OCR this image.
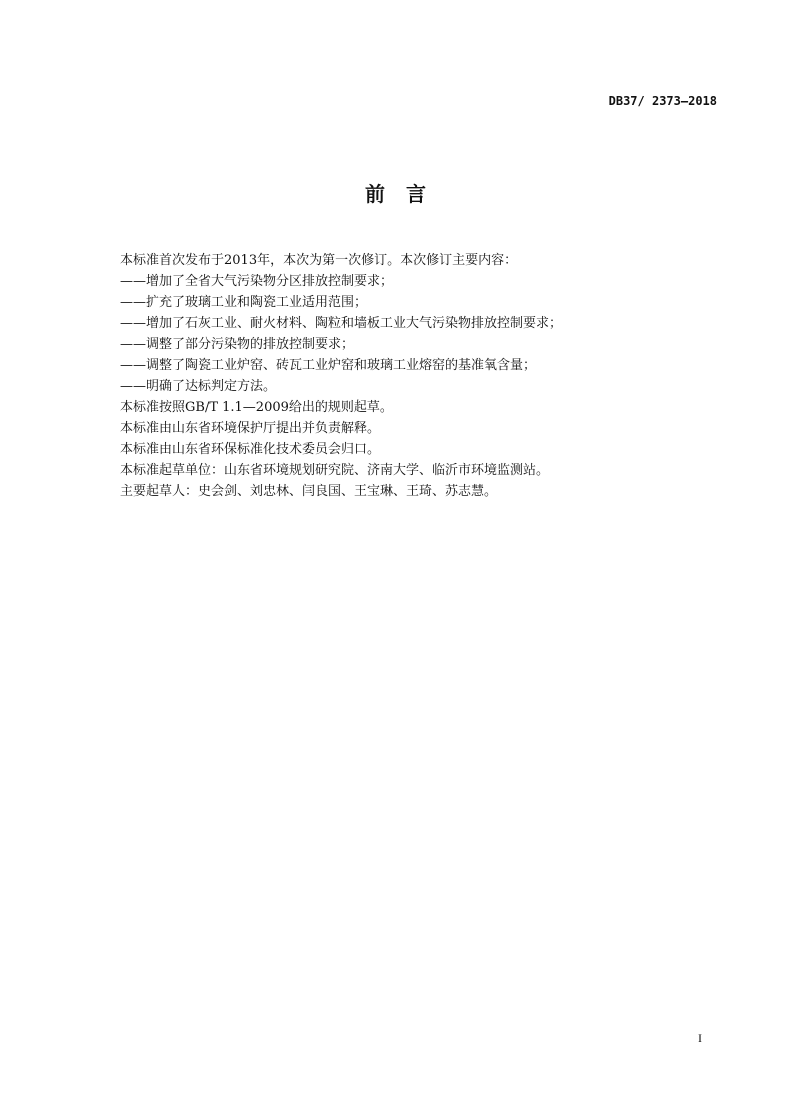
DB37/ 2373—2018
前 言
本标准首次发布于2013年，本次为第一次修订。本次修订主要内容：
——增加了全省大气污染物分区排放控制要求；
——扩充了玻璃工业和陶瓷工业适用范围；
——增加了石灰工业、耐火材料、陶粒和墙板工业大气污染物排放控制要求；
——调整了部分污染物的排放控制要求；
——调整了陶瓷工业炉窑、砖瓦工业炉窑和玻璃工业熔窑的基准氧含量；
——明确了达标判定方法。
本标准按照GB/T 1.1—2009给出的规则起草。
本标准由山东省环境保护厅提出并负责解释。
本标准由山东省环保标准化技术委员会归口。
本标准起草单位：山东省环境规划研究院、济南大学、临沂市环境监测站。
主要起草人：史会剑、刘忠林、闫良国、王宝琳、王琦、苏志慧。
I
